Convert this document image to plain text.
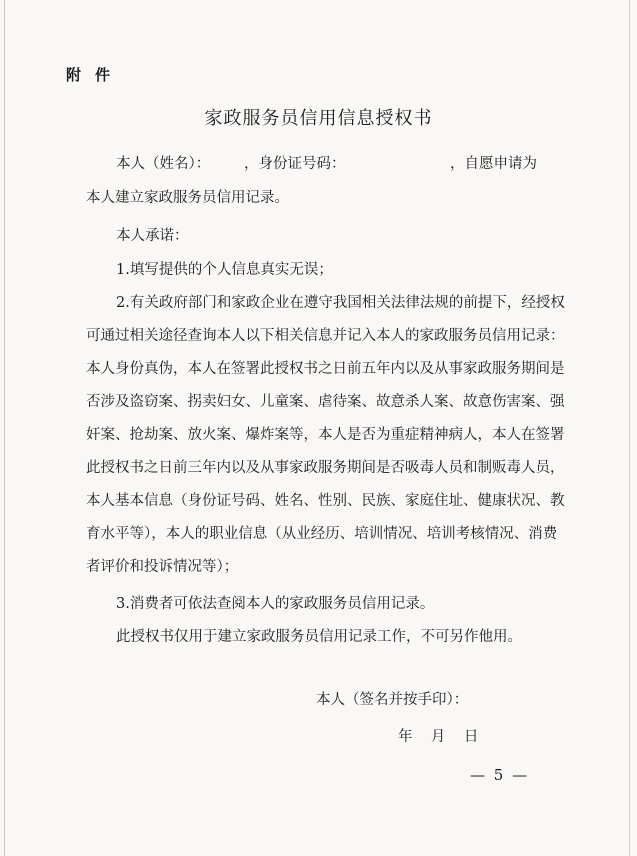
附件
家政服务员信用信息授权书
本人（姓名）： ，身份证号码：	，自愿申请为
本人建立家政服务员信用记录。
本人承诺：
1.填写提供的个人信息真实无误；
2.有关政府部门和家政企业在遵守我国相关法律法规的前提下，经授权
可通过相关途径查询本人以下相关信息并记入本人的家政服务员信用记录：
本人身份真伪，本人在签署此授权书之日前五年内以及从事家政服务期间是
否涉及盗窃案、拐卖妇女、儿童案、虐待案、故意杀人案、故意伤害案、强
奸案、抢劫案、放火案、爆炸案等，本人是否为重症精神病人，本人在签署
此授权书之日前三年内以及从事家政服务期间是否吸毒人员和制贩毒人员，
本人基本信息（身份证号码、姓名、性别、民族、家庭住址、健康状况、教
育水平等），本人的职业信息（从业经历、培训情况、培训考核情况、消费
者评价和投诉情况等）；
3.消费者可依法查阅本人的家政服务员信用记录。
此授权书仅用于建立家政服务员信用记录工作，不可另作他用。
本人（签名并按手印）：
年    月    日
— 5 —
